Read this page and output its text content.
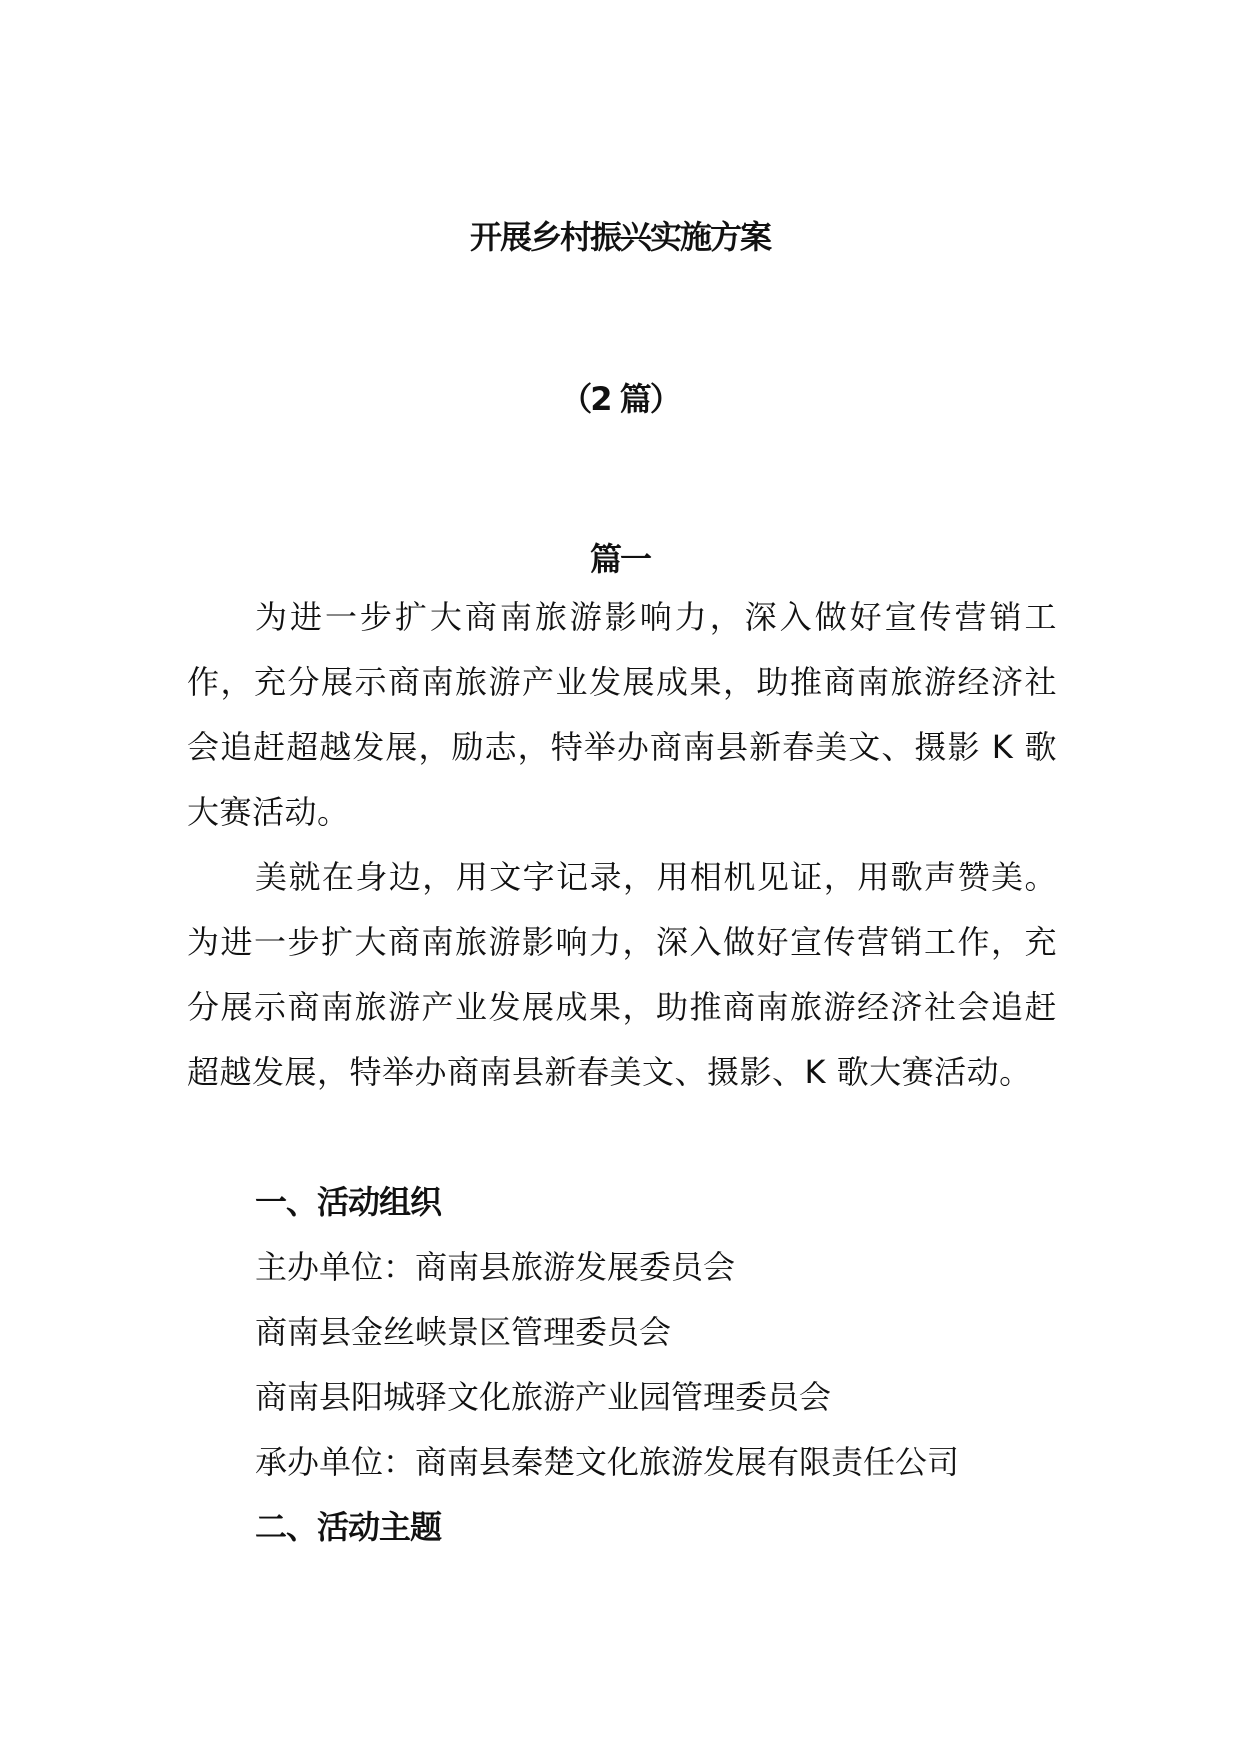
开展乡村振兴实施方案
（2 篇）
篇一

为进一步扩大商南旅游影响力，深入做好宣传营销工作，充分展示商南旅游产业发展成果，助推商南旅游经济社会追赶超越发展，励志，特举办商南县新春美文、摄影 K 歌大赛活动。

美就在身边，用文字记录，用相机见证，用歌声赞美。为进一步扩大商南旅游影响力，深入做好宣传营销工作，充分展示商南旅游产业发展成果，助推商南旅游经济社会追赶超越发展，特举办商南县新春美文、摄影、K 歌大赛活动。

一、活动组织
主办单位：商南县旅游发展委员会
商南县金丝峡景区管理委员会
商南县阳城驿文化旅游产业园管理委员会
承办单位：商南县秦楚文化旅游发展有限责任公司
二、活动主题
